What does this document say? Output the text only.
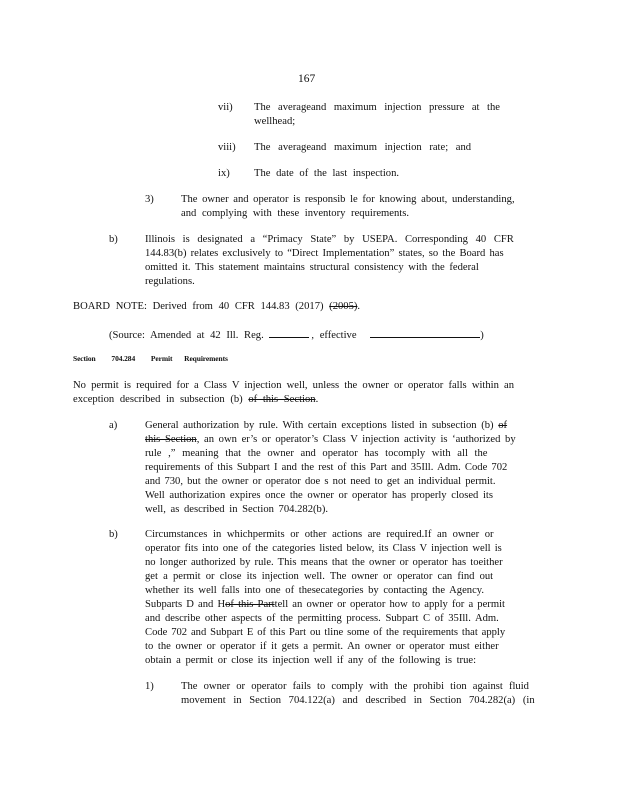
167
vii) The averageand maximum injection pressure at the
wellhead;
viii) The averageand maximum injection rate; and
ix) The date of the last inspection.
3)	The owner and operator is responsib le for knowing about, understanding,
and complying with these inventory requirements.
b)	Illinois is designated a “Primacy State” by USEPA. Corresponding 40 CFR
144.83(b) relates exclusively to “Direct Implementation” states, so the Board has
omitted it. This statement maintains structural consistency with the federal
regulations.
BOARD NOTE: Derived from 40 CFR 144.83 (2017) (2005).
(Source: Amended at 42 Ill. Reg.	, effective	)
Section 704.284 Permit Requirements
No permit is required for a Class V injection well, unless the owner or operator falls within an
exception described in subsection (b) of this Section.
a)	General authorization by rule. With certain exceptions listed in subsection (b) of
this Section, an own er’s or operator’s Class V injection activity is ‘authorized by
rule ,” meaning that the owner and operator has tocomply with all the
requirements of this Subpart I and the rest of this Part and 35Ill. Adm. Code 702
and 730, but the owner or operator doe s not need to get an individual permit.
Well authorization expires once the owner or operator has properly closed its
well, as described in Section 704.282(b).
b)	Circumstances in whichpermits or other actions are required.If an owner or
operator fits into one of the categories listed below, its Class V injection well is
no longer authorized by rule. This means that the owner or operator has toeither
get a permit or close its injection well. The owner or operator can find out
whether its well falls into one of thesecategories by contacting the Agency.
Subparts D and Hof this Parttell an owner or operator how to apply for a permit
and describe other aspects of the permitting process. Subpart C of 35Ill. Adm.
Code 702 and Subpart E of this Part ou tline some of the requirements that apply
to the owner or operator if it gets a permit. An owner or operator must either
obtain a permit or close its injection well if any of the following is true:
1)	The owner or operator fails to comply with the prohibi tion against fluid
movement in Section 704.122(a) and described in Section 704.282(a) (in
